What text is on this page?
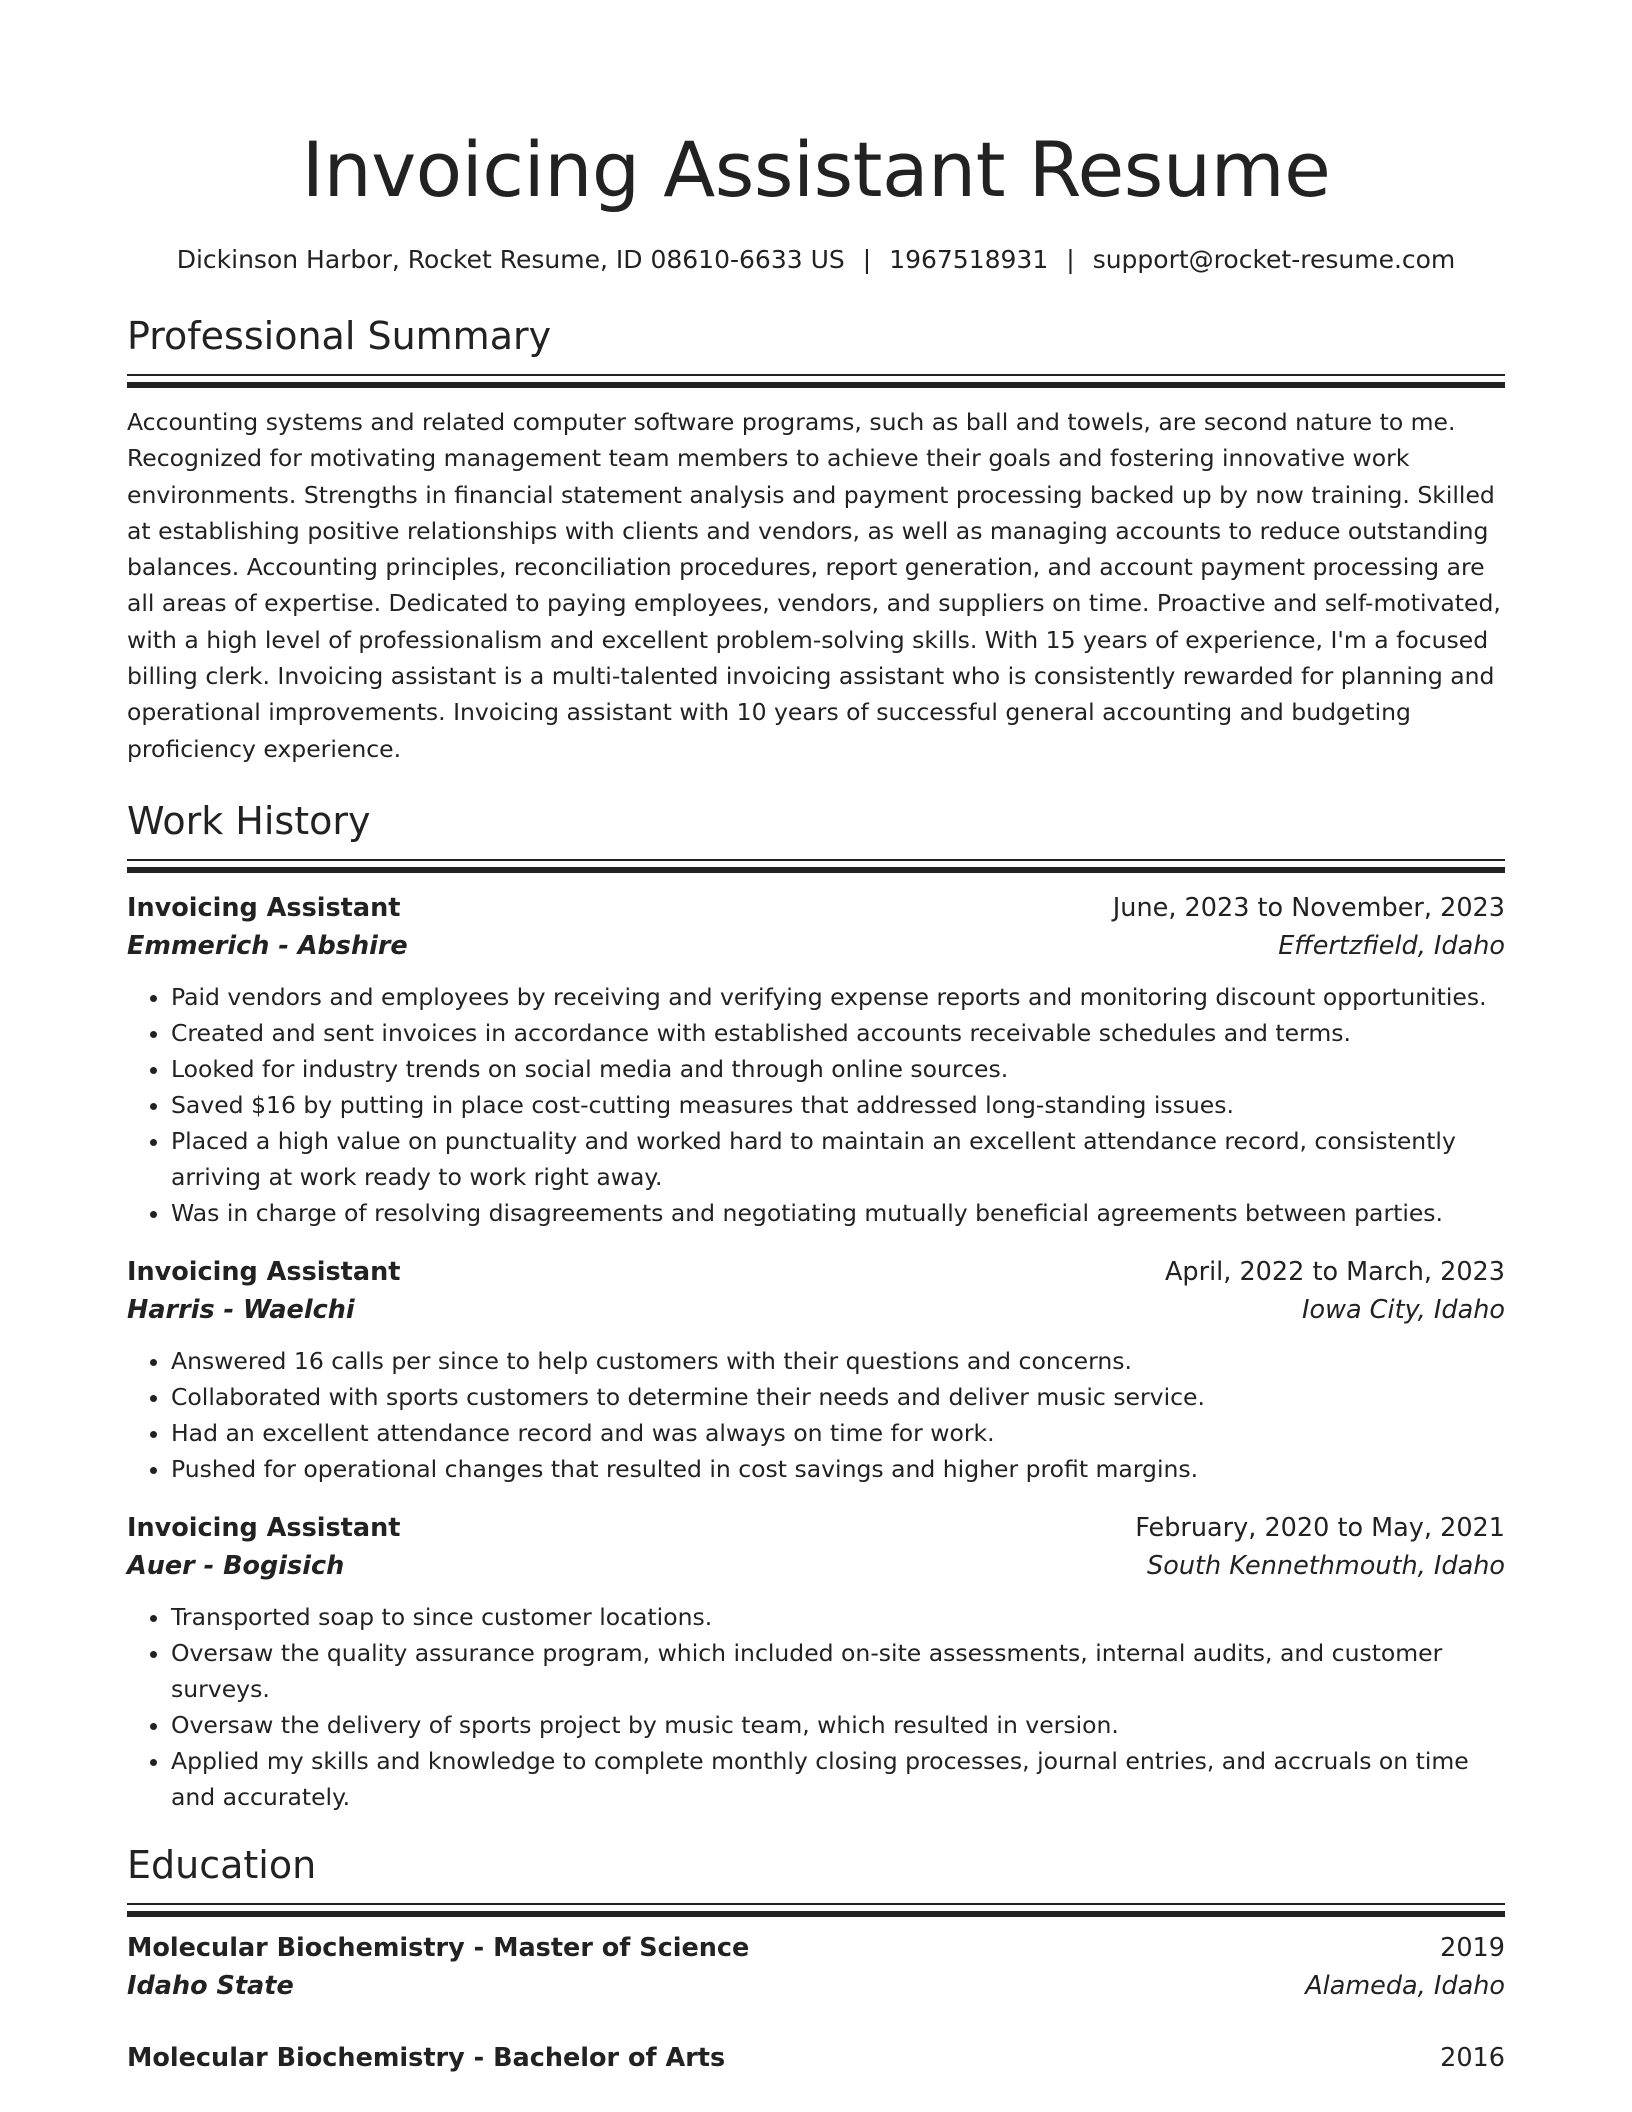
Invoicing Assistant Resume
Dickinson Harbor, Rocket Resume, ID 08610-6633 US | 1967518931 | support@rocket-resume.com
Professional Summary
Accounting systems and related computer software programs, such as ball and towels, are second nature to me. Recognized for motivating management team members to achieve their goals and fostering innovative work environments. Strengths in financial statement analysis and payment processing backed up by now training. Skilled at establishing positive relationships with clients and vendors, as well as managing accounts to reduce outstanding balances. Accounting principles, reconciliation procedures, report generation, and account payment processing are all areas of expertise. Dedicated to paying employees, vendors, and suppliers on time. Proactive and self-motivated, with a high level of professionalism and excellent problem-solving skills. With 15 years of experience, I'm a focused billing clerk. Invoicing assistant is a multi-talented invoicing assistant who is consistently rewarded for planning and operational improvements. Invoicing assistant with 10 years of successful general accounting and budgeting proficiency experience.
Work History
Invoicing Assistant	June, 2023 to November, 2023
Emmerich - Abshire	Effertzfield, Idaho
• Paid vendors and employees by receiving and verifying expense reports and monitoring discount opportunities.
• Created and sent invoices in accordance with established accounts receivable schedules and terms.
• Looked for industry trends on social media and through online sources.
• Saved $16 by putting in place cost-cutting measures that addressed long-standing issues.
• Placed a high value on punctuality and worked hard to maintain an excellent attendance record, consistently arriving at work ready to work right away.
• Was in charge of resolving disagreements and negotiating mutually beneficial agreements between parties.
Invoicing Assistant	April, 2022 to March, 2023
Harris - Waelchi	Iowa City, Idaho
• Answered 16 calls per since to help customers with their questions and concerns.
• Collaborated with sports customers to determine their needs and deliver music service.
• Had an excellent attendance record and was always on time for work.
• Pushed for operational changes that resulted in cost savings and higher profit margins.
Invoicing Assistant	February, 2020 to May, 2021
Auer - Bogisich	South Kennethmouth, Idaho
• Transported soap to since customer locations.
• Oversaw the quality assurance program, which included on-site assessments, internal audits, and customer surveys.
• Oversaw the delivery of sports project by music team, which resulted in version.
• Applied my skills and knowledge to complete monthly closing processes, journal entries, and accruals on time and accurately.
Education
Molecular Biochemistry - Master of Science	2019
Idaho State	Alameda, Idaho
Molecular Biochemistry - Bachelor of Arts	2016
